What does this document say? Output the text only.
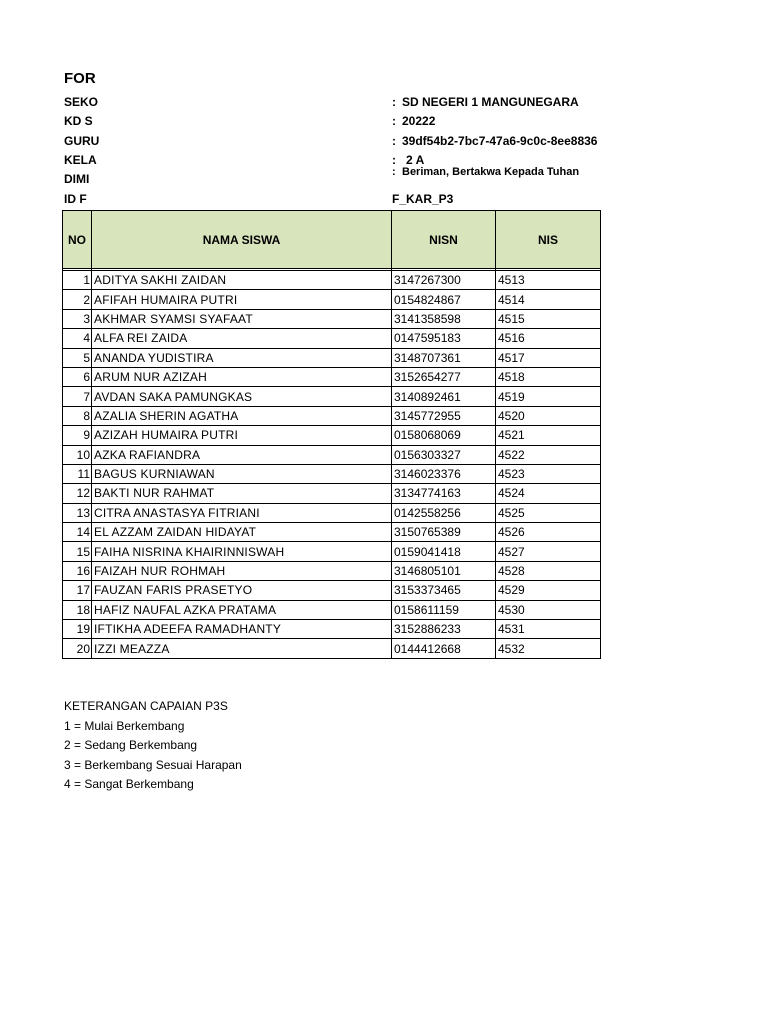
FOR
SEKO	: SD NEGERI 1 MANGUNEGARA
KD S	: 20222
GURU	: 39df54b2-7bc7-47a6-9c0c-8ee8836
KELA	: 2 A
DIMI	: Beriman, Bertakwa Kepada Tuhan
ID F	F_KAR_P3
NO	NAMA SISWA	NISN	NIS

1	ADITYA SAKHI ZAIDAN	3147267300	4513
2	AFIFAH HUMAIRA PUTRI	0154824867	4514
3	AKHMAR SYAMSI SYAFAAT	3141358598	4515
4	ALFA REI ZAIDA	0147595183	4516
5	ANANDA YUDISTIRA	3148707361	4517
6	ARUM NUR AZIZAH	3152654277	4518
7	AVDAN SAKA PAMUNGKAS	3140892461	4519
8	AZALIA SHERIN AGATHA	3145772955	4520
9	AZIZAH HUMAIRA PUTRI	0158068069	4521
10	AZKA RAFIANDRA	0156303327	4522
11	BAGUS KURNIAWAN	3146023376	4523
12	BAKTI NUR RAHMAT	3134774163	4524
13	CITRA ANASTASYA FITRIANI	0142558256	4525
14	EL AZZAM ZAIDAN HIDAYAT	3150765389	4526
15	FAIHA NISRINA KHAIRINNISWAH	0159041418	4527
16	FAIZAH NUR ROHMAH	3146805101	4528
17	FAUZAN FARIS PRASETYO	3153373465	4529
18	HAFIZ NAUFAL AZKA PRATAMA	0158611159	4530
19	IFTIKHA ADEEFA RAMADHANTY	3152886233	4531
20	IZZI MEAZZA	0144412668	4532
KETERANGAN CAPAIAN P3S
1 = Mulai Berkembang
2 = Sedang Berkembang
3 = Berkembang Sesuai Harapan
4 = Sangat Berkembang
